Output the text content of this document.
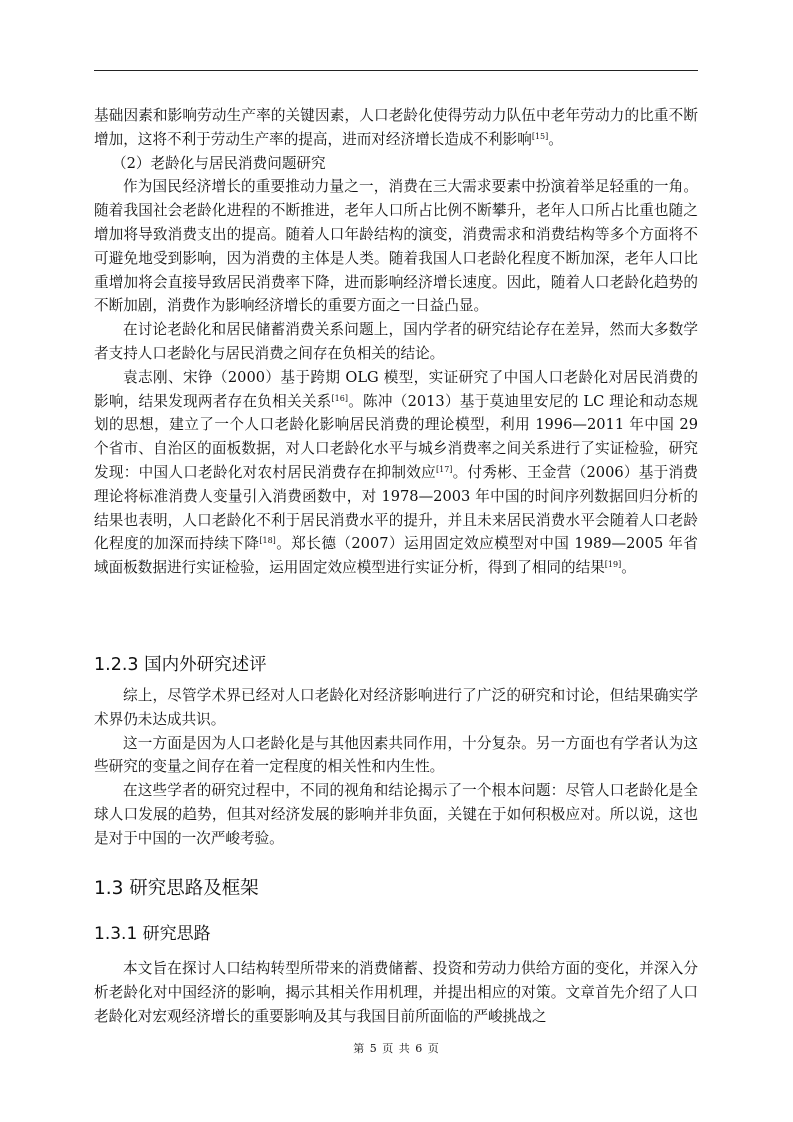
基础因素和影响劳动生产率的关键因素，人口老龄化使得劳动力队伍中老年劳动力的比重不断增加，这将不利于劳动生产率的提高，进而对经济增长造成不利影响[15]。

（2）老龄化与居民消费问题研究

作为国民经济增长的重要推动力量之一，消费在三大需求要素中扮演着举足轻重的一角。随着我国社会老龄化进程的不断推进，老年人口所占比例不断攀升，老年人口所占比重也随之增加将导致消费支出的提高。随着人口年龄结构的演变，消费需求和消费结构等多个方面将不可避免地受到影响，因为消费的主体是人类。随着我国人口老龄化程度不断加深，老年人口比重增加将会直接导致居民消费率下降，进而影响经济增长速度。因此，随着人口老龄化趋势的不断加剧，消费作为影响经济增长的重要方面之一日益凸显。

在讨论老龄化和居民储蓄消费关系问题上，国内学者的研究结论存在差异，然而大多数学者支持人口老龄化与居民消费之间存在负相关的结论。

袁志刚、宋铮（2000）基于跨期 OLG 模型，实证研究了中国人口老龄化对居民消费的影响，结果发现两者存在负相关关系[16]。陈冲（2013）基于莫迪里安尼的 LC 理论和动态规划的思想，建立了一个人口老龄化影响居民消费的理论模型，利用 1996—2011 年中国 29 个省市、自治区的面板数据，对人口老龄化水平与城乡消费率之间关系进行了实证检验，研究发现：中国人口老龄化对农村居民消费存在抑制效应[17]。付秀彬、王金营（2006）基于消费理论将标准消费人变量引入消费函数中，对 1978—2003 年中国的时间序列数据回归分析的结果也表明，人口老龄化不利于居民消费水平的提升，并且未来居民消费水平会随着人口老龄化程度的加深而持续下降[18]。郑长德（2007）运用固定效应模型对中国 1989—2005 年省域面板数据进行实证检验，运用固定效应模型进行实证分析，得到了相同的结果[19]。

1.2.3 国内外研究述评

综上，尽管学术界已经对人口老龄化对经济影响进行了广泛的研究和讨论，但结果确实学术界仍未达成共识。

这一方面是因为人口老龄化是与其他因素共同作用，十分复杂。另一方面也有学者认为这些研究的变量之间存在着一定程度的相关性和内生性。

在这些学者的研究过程中，不同的视角和结论揭示了一个根本问题：尽管人口老龄化是全球人口发展的趋势，但其对经济发展的影响并非负面，关键在于如何积极应对。所以说，这也是对于中国的一次严峻考验。

1.3 研究思路及框架
1.3.1 研究思路

本文旨在探讨人口结构转型所带来的消费储蓄、投资和劳动力供给方面的变化，并深入分析老龄化对中国经济的影响，揭示其相关作用机理，并提出相应的对策。文章首先介绍了人口老龄化对宏观经济增长的重要影响及其与我国目前所面临的严峻挑战之

第 5 页 共 6 页
